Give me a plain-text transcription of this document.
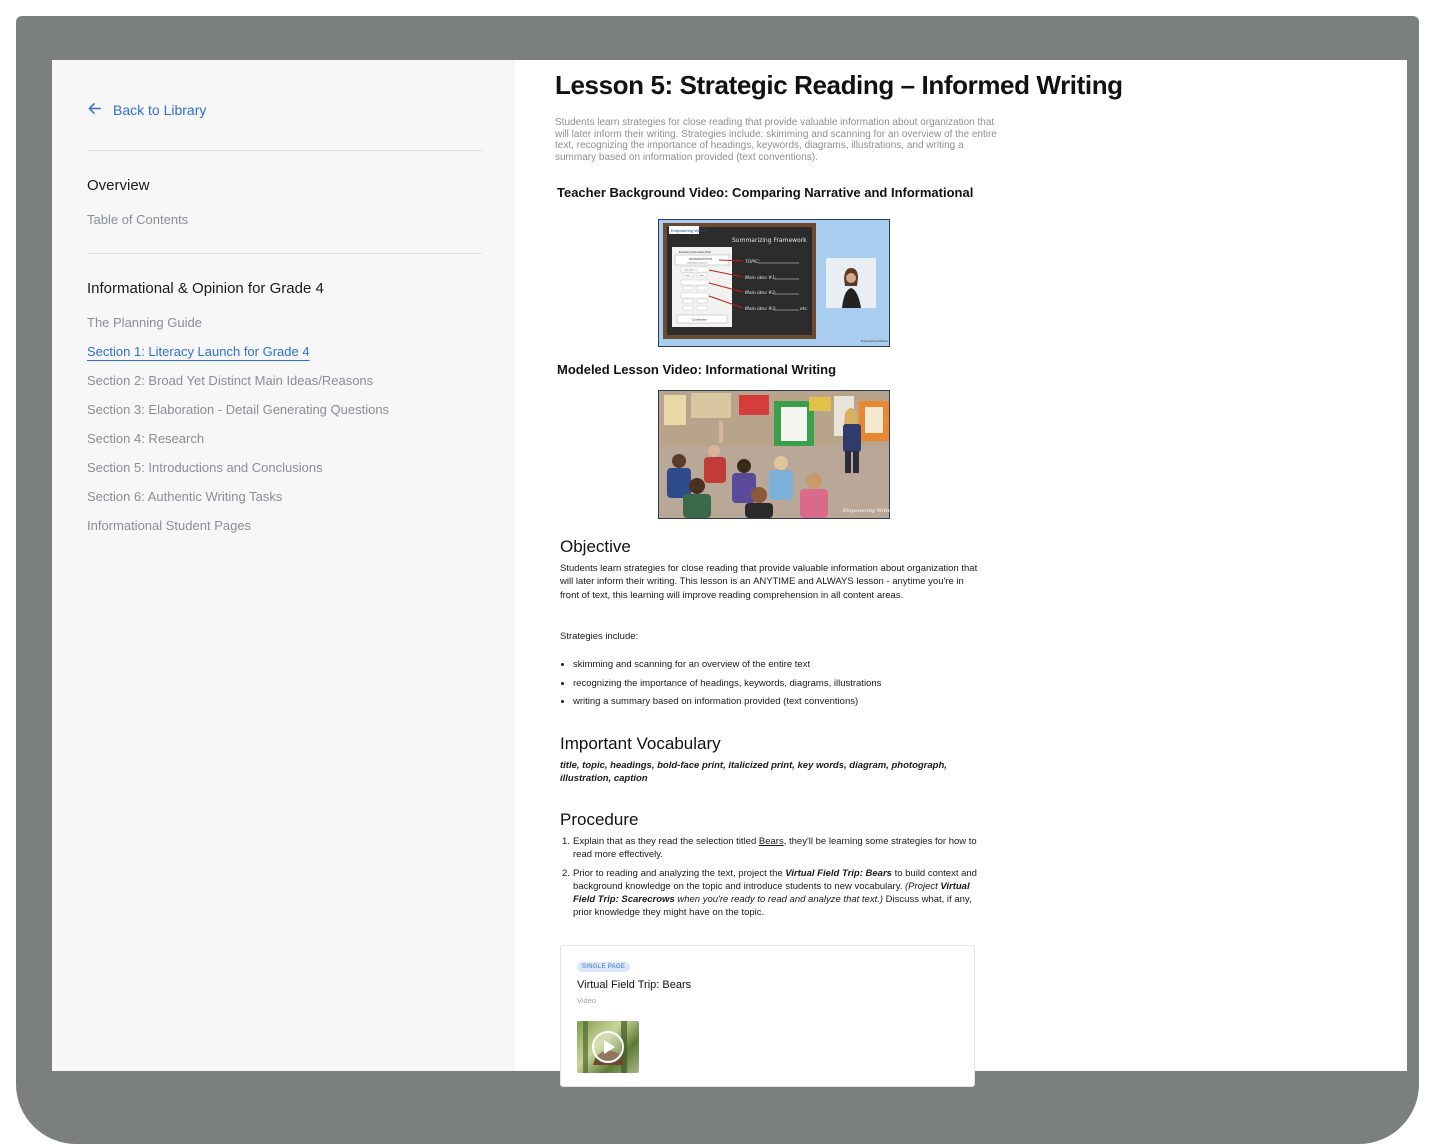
Back to Library
Overview
Table of Contents
Informational & Opinion for Grade 4
The Planning Guide
Section 1: Literacy Launch for Grade 4
Section 2: Broad Yet Distinct Main Ideas/Reasons
Section 3: Elaboration - Detail Generating Questions
Section 4: Research
Section 5: Introductions and Conclusions
Section 6: Authentic Writing Tasks
Informational Student Pages
Lesson 5: Strategic Reading – Informed Writing
Students learn strategies for close reading that provide valuable information about organization that will later inform their writing. Strategies include: skimming and scanning for an overview of the entire text, recognizing the importance of headings, keywords, diagrams, illustrations, and writing a summary based on information provided (text conventions).
Teacher Background Video: Comparing Narrative and Informational
Empowering Writers
Summarizing Framework
Expository/Informative Pillar
INTRODUCTION
Lead/Topic Sentence
Main Idea #1
detail	detail
Conclusion
TOPIC:
Main idea #1:
Main idea #2:
Main idea #3:	etc.
Empowering Writers
Modeled Lesson Video: Informational Writing
Empowering Writers
Objective
Students learn strategies for close reading that provide valuable information about organization that will later inform their writing. This lesson is an ANYTIME and ALWAYS lesson - anytime you're in front of text, this learning will improve reading comprehension in all content areas.
Strategies include:
skimming and scanning for an overview of the entire text
recognizing the importance of headings, keywords, diagrams, illustrations
writing a summary based on information provided (text conventions)
Important Vocabulary
title, topic, headings, bold-face print, italicized print, key words, diagram, photograph, illustration, caption
Procedure
1. Explain that as they read the selection titled Bears, they'll be learning some strategies for how to read more effectively.
2. Prior to reading and analyzing the text, project the Virtual Field Trip: Bears to build context and background knowledge on the topic and introduce students to new vocabulary. (Project Virtual Field Trip: Scarecrows when you're ready to read and analyze that text.) Discuss what, if any, prior knowledge they might have on the topic.
SINGLE PAGE
Virtual Field Trip: Bears
Video
